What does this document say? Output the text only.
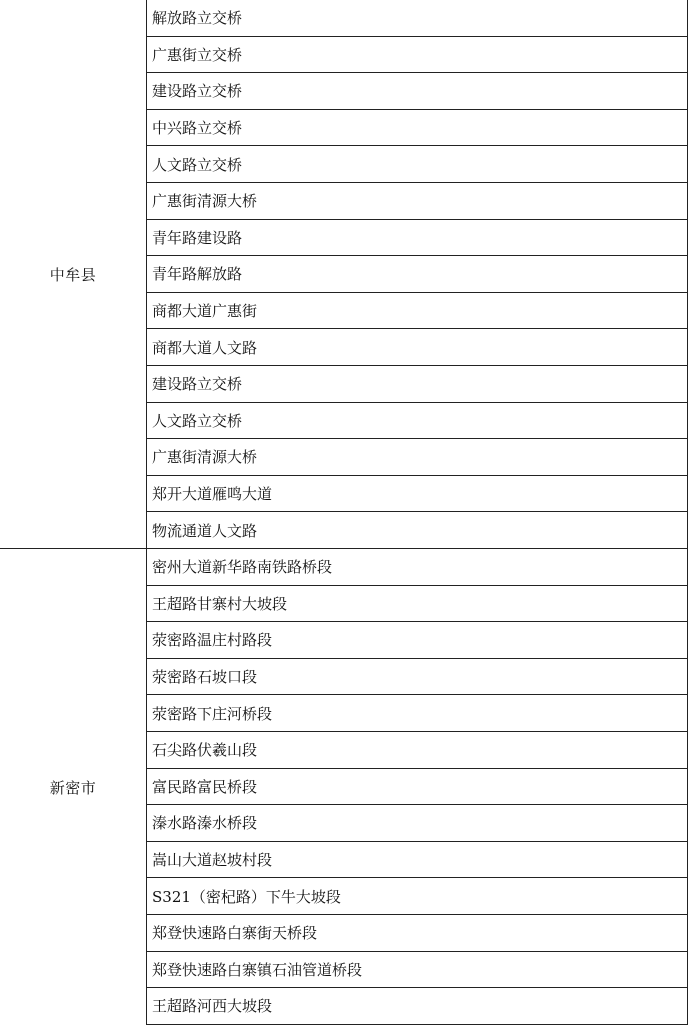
中牟县
解放路立交桥
广惠街立交桥
建设路立交桥
中兴路立交桥
人文路立交桥
广惠街清源大桥
青年路建设路
青年路解放路
商都大道广惠街
商都大道人文路
建设路立交桥
人文路立交桥
广惠街清源大桥
郑开大道雁鸣大道
物流通道人文路
新密市
密州大道新华路南铁路桥段
王超路甘寨村大坡段
荥密路温庄村路段
荥密路石坡口段
荥密路下庄河桥段
石尖路伏羲山段
富民路富民桥段
溱水路溱水桥段
嵩山大道赵坡村段
S321（密杞路）下牛大坡段
郑登快速路白寨街天桥段
郑登快速路白寨镇石油管道桥段
王超路河西大坡段
